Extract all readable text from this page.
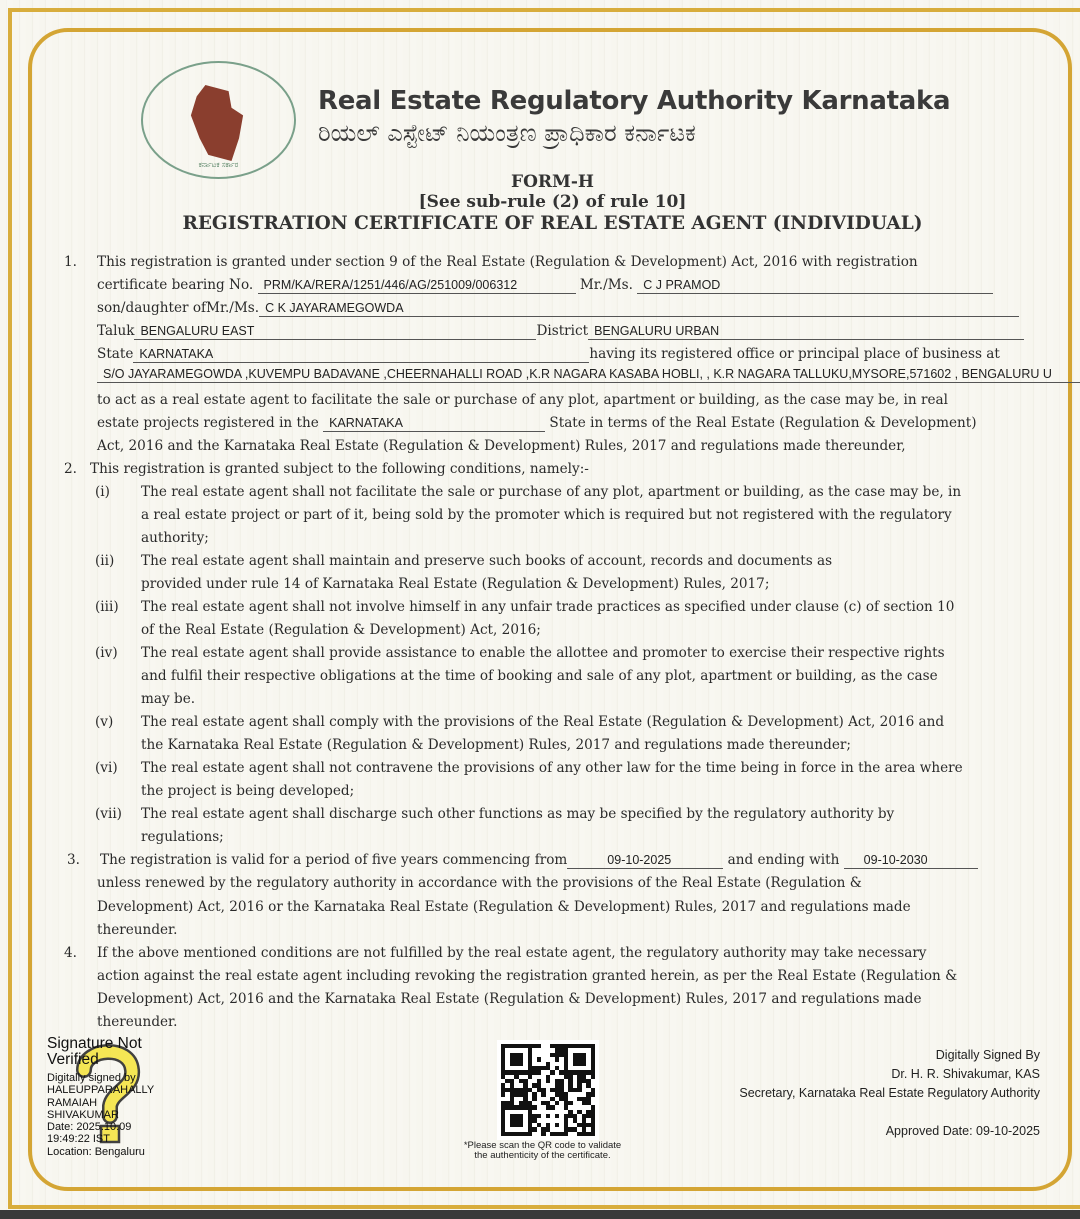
ಕರ್ನಾಟಕ ಸರ್ಕಾರ
Real Estate Regulatory Authority Karnataka
ರಿಯಲ್ ಎಸ್ಟೇಟ್ ನಿಯಂತ್ರಣ ಪ್ರಾಧಿಕಾರ ಕರ್ನಾಟಕ
FORM-H
[See sub-rule (2) of rule 10]
REGISTRATION CERTIFICATE OF REAL ESTATE AGENT (INDIVIDUAL)
1. This registration is granted under section 9 of the Real Estate (Regulation & Development) Act, 2016 with registration
certificate bearing No. PRM/KA/RERA/1251/446/AG/251009/006312	Mr./Ms. C J PRAMOD
son/daughter ofMr./Ms. C K JAYARAMEGOWDA
Taluk BENGALURU EAST	District BENGALURU URBAN
State KARNATAKA	having its registered office or principal place of business at
S/O JAYARAMEGOWDA ,KUVEMPU BADAVANE ,CHEERNAHALLI ROAD ,K.R NAGARA KASABA HOBLI, , K.R NAGARA TALLUKU,MYSORE,571602 , BENGALURU U
to act as a real estate agent to facilitate the sale or purchase of any plot, apartment or building, as the case may be, in real
estate projects registered in the KARNATAKA	State in terms of the Real Estate (Regulation & Development)
Act, 2016 and the Karnataka Real Estate (Regulation & Development) Rules, 2017 and regulations made thereunder,
2. This registration is granted subject to the following conditions, namely:-
(i) The real estate agent shall not facilitate the sale or purchase of any plot, apartment or building, as the case may be, in
a real estate project or part of it, being sold by the promoter which is required but not registered with the regulatory
authority;
(ii) The real estate agent shall maintain and preserve such books of account, records and documents as
provided under rule 14 of Karnataka Real Estate (Regulation & Development) Rules, 2017;
(iii) The real estate agent shall not involve himself in any unfair trade practices as specified under clause (c) of section 10
of the Real Estate (Regulation & Development) Act, 2016;
(iv) The real estate agent shall provide assistance to enable the allottee and promoter to exercise their respective rights
and fulfil their respective obligations at the time of booking and sale of any plot, apartment or building, as the case
may be.
(v) The real estate agent shall comply with the provisions of the Real Estate (Regulation & Development) Act, 2016 and
the Karnataka Real Estate (Regulation & Development) Rules, 2017 and regulations made thereunder;
(vi) The real estate agent shall not contravene the provisions of any other law for the time being in force in the area where
the project is being developed;
(vii) The real estate agent shall discharge such other functions as may be specified by the regulatory authority by
regulations;
3. The registration is valid for a period of five years commencing from	09-10-2025	and ending with 09-10-2030
unless renewed by the regulatory authority in accordance with the provisions of the Real Estate (Regulation &
Development) Act, 2016 or the Karnataka Real Estate (Regulation & Development) Rules, 2017 and regulations made
thereunder.
4. If the above mentioned conditions are not fulfilled by the real estate agent, the regulatory authority may take necessary
action against the real estate agent including revoking the registration granted herein, as per the Real Estate (Regulation &
Development) Act, 2016 and the Karnataka Real Estate (Regulation & Development) Rules, 2017 and regulations made
thereunder.
Signature Not
Verified
Digitally signed by
HALEUPPARAHALLY
RAMAIAH
SHIVAKUMAR
Date: 2025.10.09
19:49:22 IST
Location: Bengaluru
*Please scan the QR code to validate
the authenticity of the certificate.
Digitally Signed By
Dr. H. R. Shivakumar, KAS
Secretary, Karnataka Real Estate Regulatory Authority
Approved Date: 09-10-2025
